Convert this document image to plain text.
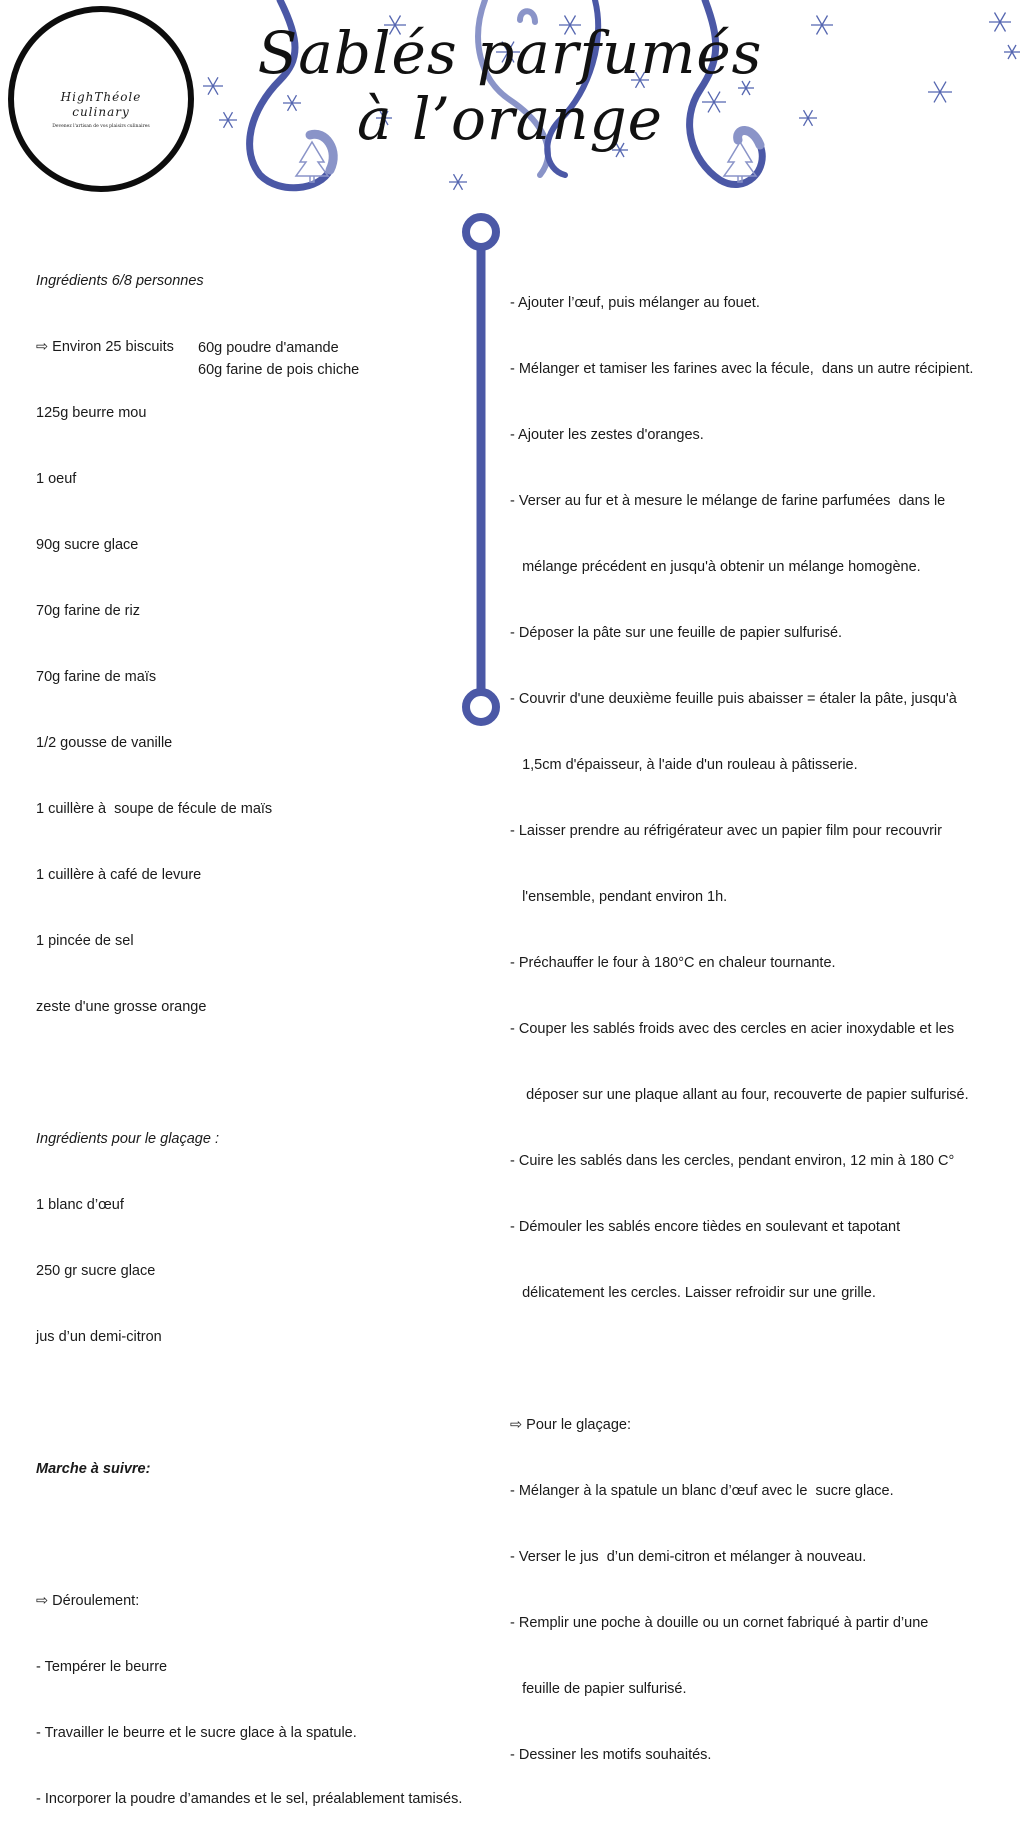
HighThéole
culinary
Devenez l'artisan de vos plaisirs culinaires
Sablés parfumés
à l’orange

Ingrédients 6/8 personnes

⇨ Environ 25 biscuits

125g beurre mou

1 oeuf

90g sucre glace

70g farine de riz

70g farine de maïs

1/2 gousse de vanille

1 cuillère à  soupe de fécule de maïs

1 cuillère à café de levure

1 pincée de sel

zeste d'une grosse orange

Ingrédients pour le glaçage :

1 blanc d’œuf

250 gr sucre glace

jus d’un demi-citron

Marche à suivre:

⇨ Déroulement:

- Tempérer le beurre

- Travailler le beurre et le sucre glace à la spatule.

- Incorporer la poudre d’amandes et le sel, préalablement tamisés.

60g poudre d'amande
60g farine de pois chiche

- Ajouter l’œuf, puis mélanger au fouet.

- Mélanger et tamiser les farines avec la fécule,  dans un autre récipient.

- Ajouter les zestes d'oranges.

- Verser au fur et à mesure le mélange de farine parfumées  dans le

mélange précédent en jusqu'à obtenir un mélange homogène.

- Déposer la pâte sur une feuille de papier sulfurisé.

- Couvrir d'une deuxième feuille puis abaisser = étaler la pâte, jusqu'à

1,5cm d'épaisseur, à l'aide d'un rouleau à pâtisserie.

- Laisser prendre au réfrigérateur avec un papier film pour recouvrir

l'ensemble, pendant environ 1h.

- Préchauffer le four à 180°C en chaleur tournante.

- Couper les sablés froids avec des cercles en acier inoxydable et les

déposer sur une plaque allant au four, recouverte de papier sulfurisé.

- Cuire les sablés dans les cercles, pendant environ, 12 min à 180 C°

- Démouler les sablés encore tièdes en soulevant et tapotant

délicatement les cercles. Laisser refroidir sur une grille.

⇨ Pour le glaçage:

- Mélanger à la spatule un blanc d’œuf avec le  sucre glace.

- Verser le jus  d’un demi-citron et mélanger à nouveau.

- Remplir une poche à douille ou un cornet fabriqué à partir d’une

feuille de papier sulfurisé.

- Dessiner les motifs souhaités.
